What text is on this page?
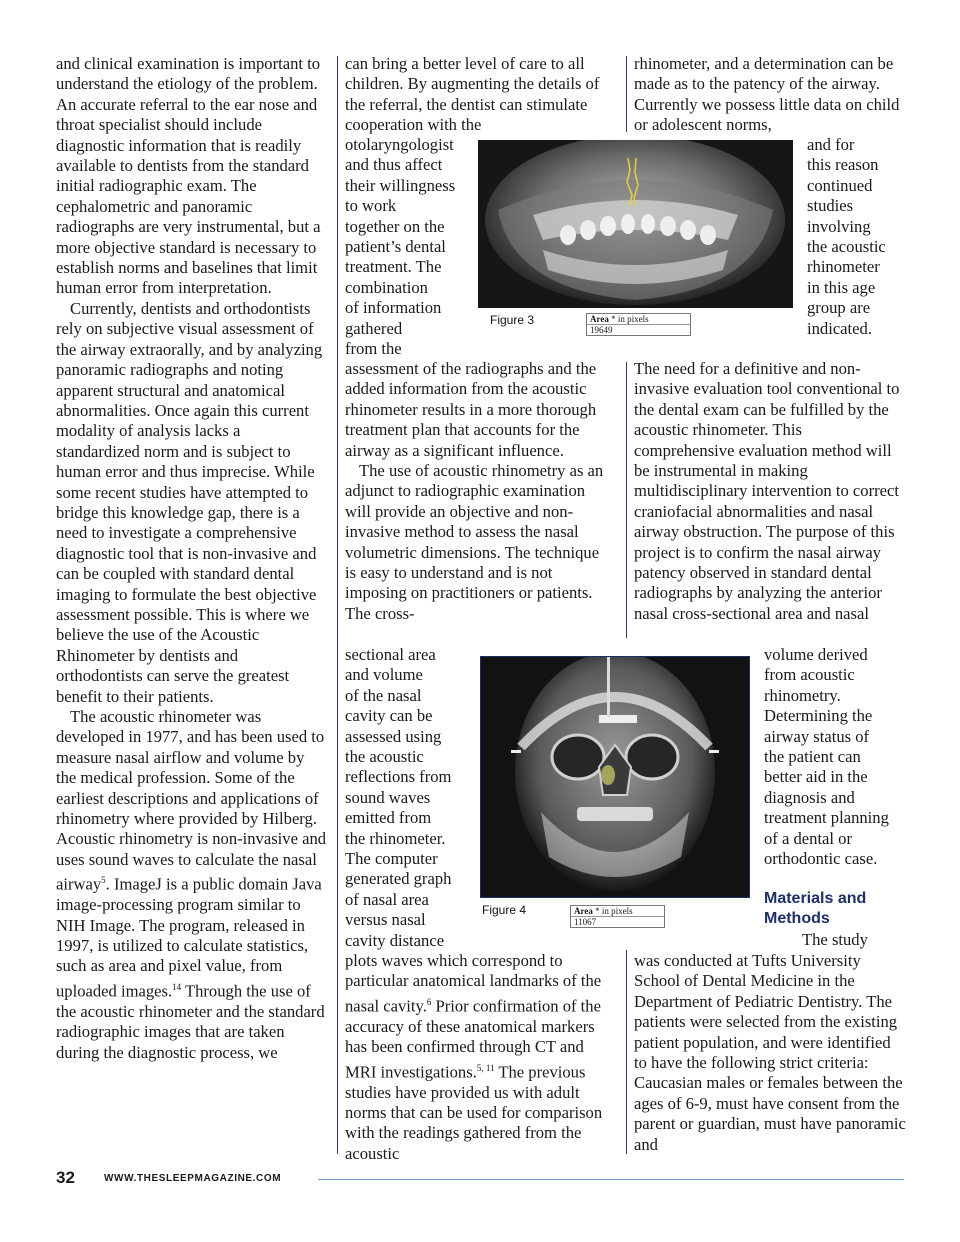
and clinical examination is important to understand the etiology of the problem. An accurate referral to the ear nose and throat specialist should include diagnostic information that is readily available to dentists from the standard initial radiographic exam. The cephalometric and panoramic radiographs are very instrumental, but a more objective standard is necessary to establish norms and baselines that limit human error from interpretation.

Currently, dentists and orthodontists rely on subjective visual assessment of the airway extraorally, and by analyzing panoramic radiographs and noting apparent structural and anatomical abnormalities. Once again this current modality of analysis lacks a standardized norm and is subject to human error and thus imprecise. While some recent studies have attempted to bridge this knowledge gap, there is a need to investigate a comprehensive diagnostic tool that is non-invasive and can be coupled with standard dental imaging to formulate the best objective assessment possible. This is where we believe the use of the Acoustic Rhinometer by dentists and orthodontists can serve the greatest benefit to their patients.

The acoustic rhinometer was developed in 1977, and has been used to measure nasal airflow and volume by the medical profession. Some of the earliest descriptions and applications of rhinometry where provided by Hilberg. Acoustic rhinometry is non-invasive and uses sound waves to calculate the nasal airway$^5$. ImageJ is a public domain Java image-processing program similar to NIH Image. The program, released in 1997, is utilized to calculate statistics, such as area and pixel value, from uploaded images.$^{14}$ Through the use of the acoustic rhinometer and the standard radiographic images that are taken during the diagnostic process, we

can bring a better level of care to all children. By augmenting the details of the referral, the dentist can stimulate cooperation with the

otolaryngologist
and thus affect
their willingness
to work
together on the
patient’s dental
treatment. The
combination
of information
gathered
from the

assessment of the radiographs and the added information from the acoustic rhinometer results in a more thorough treatment plan that accounts for the airway as a significant influence.

The use of acoustic rhinometry as an adjunct to radiographic examination will provide an objective and non-invasive method to assess the nasal volumetric dimensions. The technique is easy to understand and is not imposing on practitioners or patients. The cross-

sectional area
and volume
of the nasal
cavity can be
assessed using
the acoustic
reflections from
sound waves
emitted from
the rhinometer.
The computer
generated graph
of nasal area
versus nasal
cavity distance

plots waves which correspond to particular anatomical landmarks of the nasal cavity.$^6$ Prior confirmation of the accuracy of these anatomical markers has been confirmed through CT and MRI investigations.$^{5, 11}$ The previous studies have provided us with adult norms that can be used for comparison with the readings gathered from the acoustic

rhinometer, and a determination can be made as to the patency of the airway. Currently we possess little data on child or adolescent norms,

and for
this reason
continued
studies
involving
the acoustic
rhinometer
in this age
group are
indicated.

The need for a definitive and non-invasive evaluation tool conventional to the dental exam can be fulfilled by the acoustic rhinometer. This comprehensive evaluation method will be instrumental in making multidisciplinary intervention to correct craniofacial abnormalities and nasal airway obstruction. The purpose of this project is to confirm the nasal airway patency observed in standard dental radiographs by analyzing the anterior nasal cross-sectional area and nasal

volume derived
from acoustic
rhinometry.
Determining the
airway status of
the patient can
better aid in the
diagnosis and
treatment planning
of a dental or
orthodontic case.
Materials and
Methods
The study

was conducted at Tufts University School of Dental Medicine in the Department of Pediatric Dentistry. The patients were selected from the existing patient population, and were identified to have the following strict criteria: Caucasian males or females between the ages of 6-9, must have consent from the parent or guardian, must have panoramic and

Figure 3	Area * in pixels
19649
Figure 4	Area * in pixels
11067
32	WWW.THESLEEPMAGAZINE.COM
